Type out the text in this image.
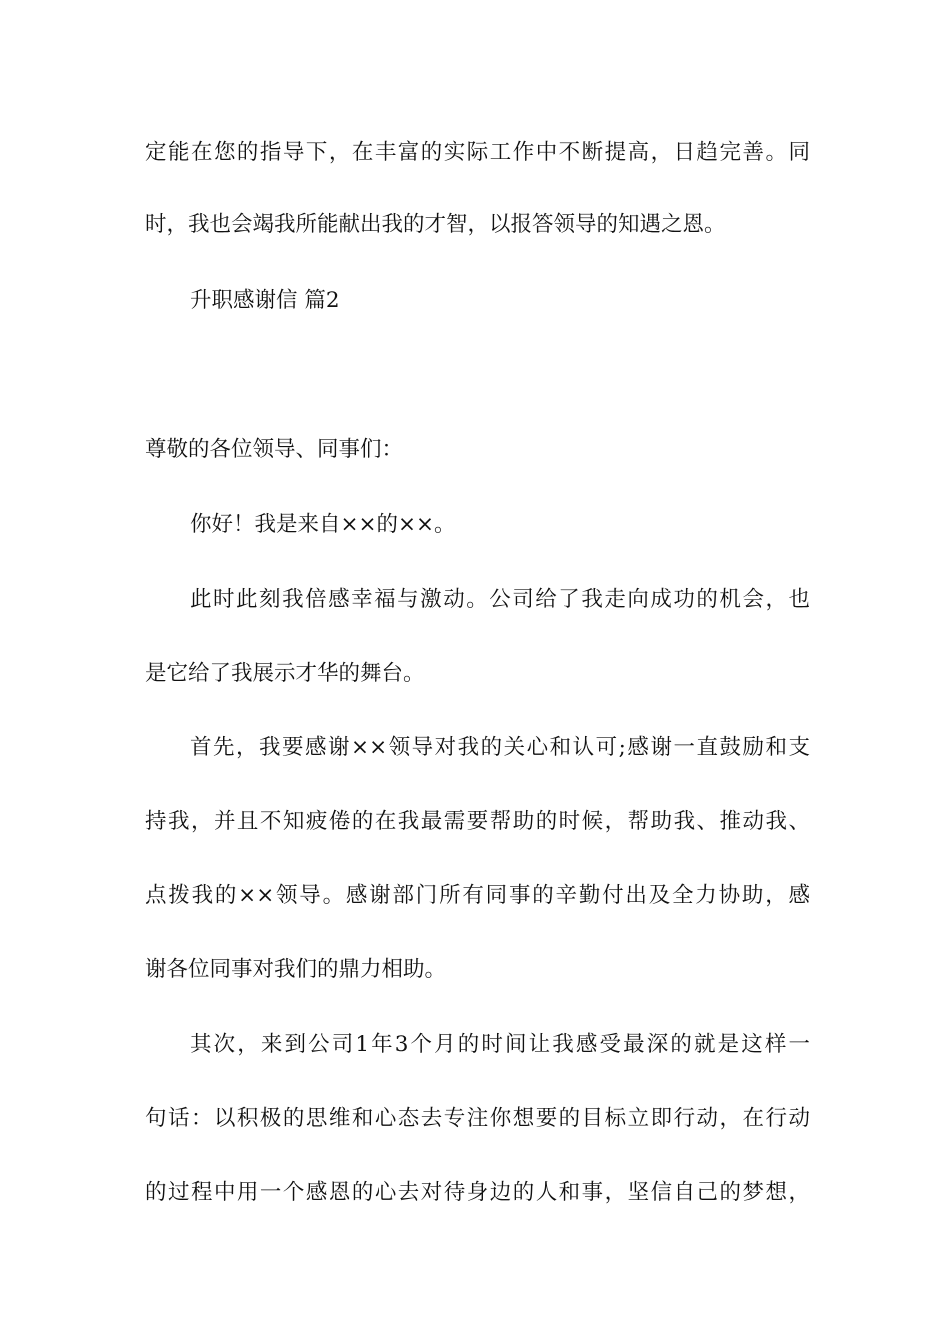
定能在您的指导下，在丰富的实际工作中不断提高，日趋完善。同

时，我也会竭我所能献出我的才智，以报答领导的知遇之恩。

升职感谢信 篇2

尊敬的各位领导、同事们：

你好！我是来自××的××。

此时此刻我倍感幸福与激动。公司给了我走向成功的机会，也

是它给了我展示才华的舞台。

首先，我要感谢××领导对我的关心和认可;感谢一直鼓励和支

持我，并且不知疲倦的在我最需要帮助的时候，帮助我、推动我、

点拨我的××领导。感谢部门所有同事的辛勤付出及全力协助，感

谢各位同事对我们的鼎力相助。

其次，来到公司1年3个月的时间让我感受最深的就是这样一

句话：以积极的思维和心态去专注你想要的目标立即行动，在行动

的过程中用一个感恩的心去对待身边的人和事，坚信自己的梦想，
